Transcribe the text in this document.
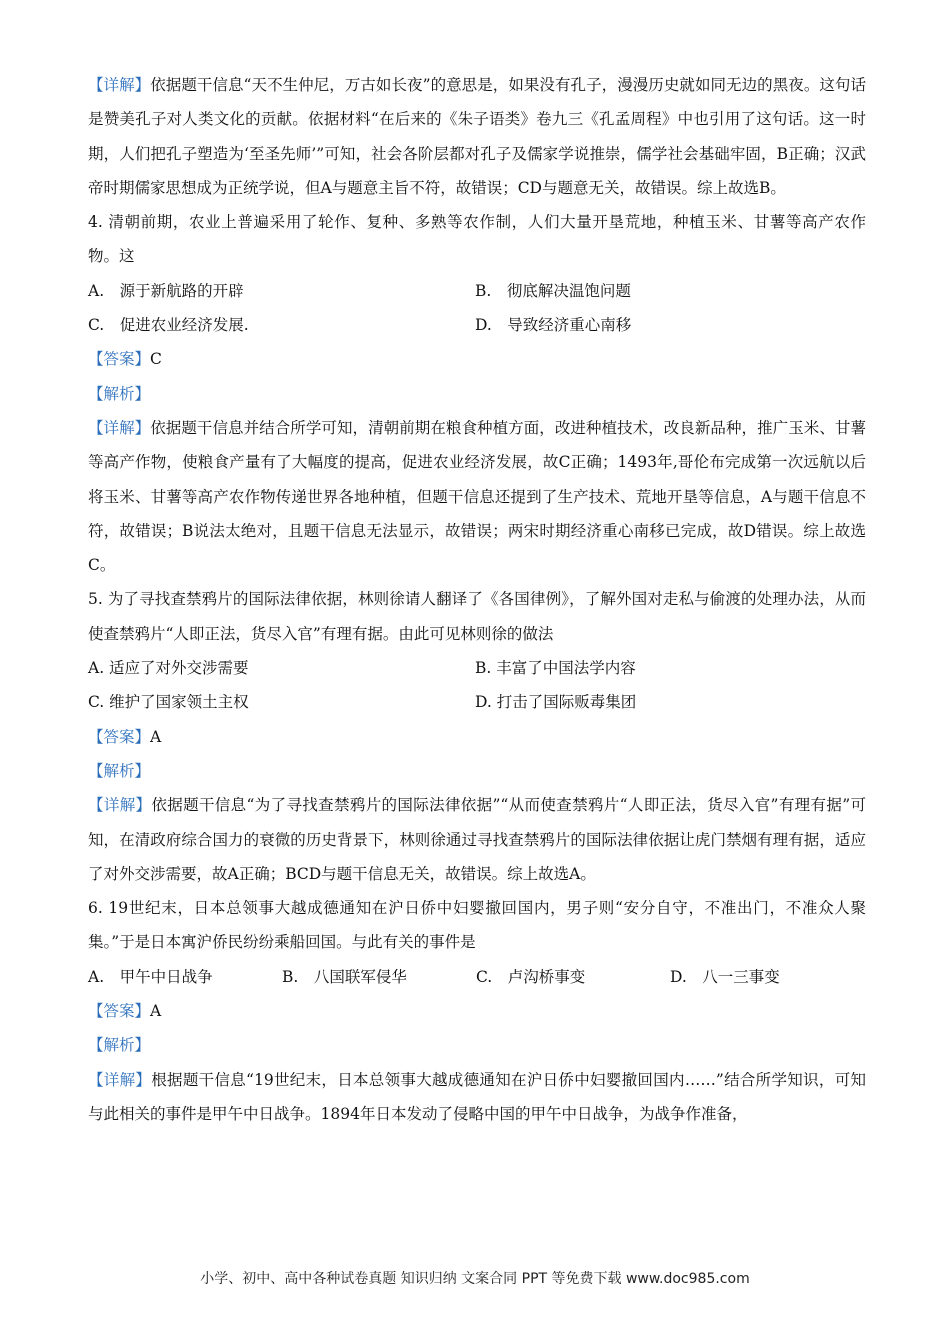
【详解】依据题干信息“天不生仲尼，万古如长夜”的意思是，如果没有孔子，漫漫历史就如同无边的黑夜。这句话是赞美孔子对人类文化的贡献。依据材料“在后来的《朱子语类》卷九三《孔孟周程》中也引用了这句话。这一时期，人们把孔子塑造为‘至圣先师’”可知，社会各阶层都对孔子及儒家学说推崇，儒学社会基础牢固，B正确；汉武帝时期儒家思想成为正统学说，但A与题意主旨不符，故错误；CD与题意无关，故错误。综上故选B。

4. 清朝前期，农业上普遍采用了轮作、复种、多熟等农作制，人们大量开垦荒地，种植玉米、甘薯等高产农作物。这

A.　源于新航路的开辟	B.　彻底解决温饱问题
C.　促进农业经济发展.	D.　导致经济重心南移

【答案】C

【解析】

【详解】依据题干信息并结合所学可知，清朝前期在粮食种植方面，改进种植技术，改良新品种，推广玉米、甘薯等高产作物，使粮食产量有了大幅度的提高，促进农业经济发展，故C正确；1493年,哥伦布完成第一次远航以后将玉米、甘薯等高产农作物传递世界各地种植，但题干信息还提到了生产技术、荒地开垦等信息，A与题干信息不符，故错误；B说法太绝对，且题干信息无法显示，故错误；两宋时期经济重心南移已完成，故D错误。综上故选C。

5. 为了寻找查禁鸦片的国际法律依据，林则徐请人翻译了《各国律例》，了解外国对走私与偷渡的处理办法，从而使查禁鸦片“人即正法，货尽入官”有理有据。由此可见林则徐的做法

A. 适应了对外交涉需要	B. 丰富了中国法学内容
C. 维护了国家领土主权	D. 打击了国际贩毒集团

【答案】A

【解析】

【详解】依据题干信息“为了寻找查禁鸦片的国际法律依据”“从而使查禁鸦片“人即正法，货尽入官”有理有据”可知，在清政府综合国力的衰微的历史背景下，林则徐通过寻找查禁鸦片的国际法律依据让虎门禁烟有理有据，适应了对外交涉需要，故A正确；BCD与题干信息无关，故错误。综上故选A。

6. 19世纪末，日本总领事大越成德通知在沪日侨中妇婴撤回国内，男子则“安分自守，不准出门，不准众人聚集。”于是日本寓沪侨民纷纷乘船回国。与此有关的事件是

A.　甲午中日战争	B.　八国联军侵华	C.　卢沟桥事变	D.　八一三事变

【答案】A

【解析】

【详解】根据题干信息“19世纪末，日本总领事大越成德通知在沪日侨中妇婴撤回国内……”结合所学知识，可知与此相关的事件是甲午中日战争。1894年日本发动了侵略中国的甲午中日战争，为战争作准备，

小学、初中、高中各种试卷真题 知识归纳 文案合同 PPT 等免费下载 www.doc985.com
